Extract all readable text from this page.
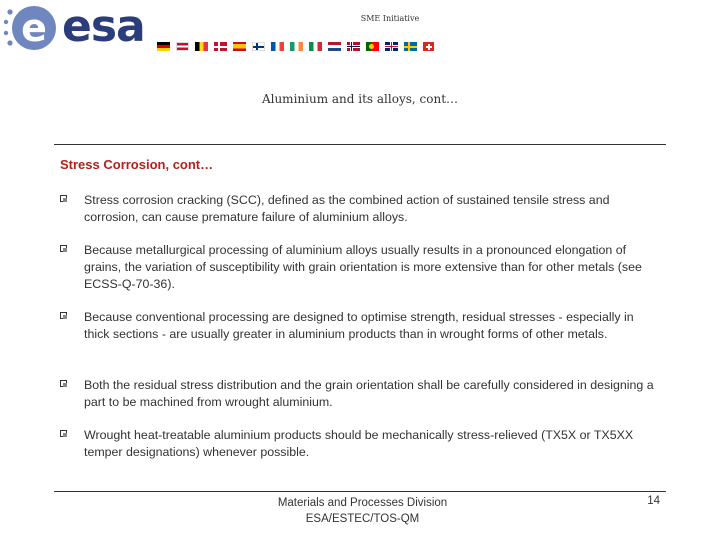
e esa	SME Initiative
Aluminium and its alloys, cont…
Stress Corrosion, cont…
Stress corrosion cracking (SCC), defined as the combined action of sustained tensile stress and corrosion, can cause premature failure of aluminium alloys.
Because metallurgical processing of aluminium alloys usually results in a pronounced elongation of grains, the variation of susceptibility with grain orientation is more extensive than for other metals (see ECSS-Q-70-36).
Because conventional processing are designed to optimise strength, residual stresses - especially in thick sections - are usually greater in aluminium products than in wrought forms of other metals.
Both the residual stress distribution and the grain orientation shall be carefully considered in designing a part to be machined from wrought aluminium.
Wrought heat-treatable aluminium products should be mechanically stress-relieved (TX5X or TX5XX temper designations) whenever possible.
Materials and Processes Division
ESA/ESTEC/TOS-QM
14
